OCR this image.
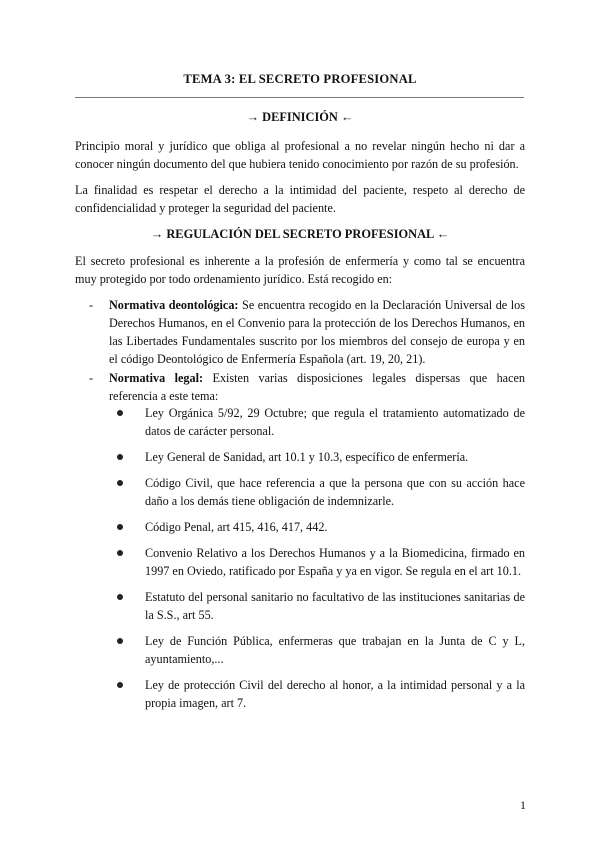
TEMA 3: EL SECRETO PROFESIONAL
→ DEFINICIÓN ←
Principio moral y jurídico que obliga al profesional a no revelar ningún hecho ni dar a conocer ningún documento del que hubiera tenido conocimiento por razón de su profesión.
La finalidad es respetar el derecho a la intimidad del paciente, respeto al derecho de confidencialidad y proteger la seguridad del paciente.
→ REGULACIÓN DEL SECRETO PROFESIONAL ←
El secreto profesional es inherente a la profesión de enfermería y como tal se encuentra muy protegido por todo ordenamiento jurídico. Está recogido en:
- Normativa deontológica: Se encuentra recogido en la Declaración Universal de los Derechos Humanos, en el Convenio para la protección de los Derechos Humanos, en las Libertades Fundamentales suscrito por los miembros del consejo de europa y en el código Deontológico de Enfermería Española (art. 19, 20, 21).
- Normativa legal: Existen varias disposiciones legales dispersas que hacen referencia a este tema:
Ley Orgánica 5/92, 29 Octubre; que regula el tratamiento automatizado de datos de carácter personal.
Ley General de Sanidad, art 10.1 y 10.3, específico de enfermería.
Código Civil, que hace referencia a que la persona que con su acción hace daño a los demás tiene obligación de indemnizarle.
Código Penal, art 415, 416, 417, 442.
Convenio Relativo a los Derechos Humanos y a la Biomedicina, firmado en 1997 en Oviedo, ratificado por España y ya en vigor. Se regula en el art 10.1.
Estatuto del personal sanitario no facultativo de las instituciones sanitarias de la S.S., art 55.
Ley de Función Pública, enfermeras que trabajan en la Junta de C y L, ayuntamiento,...
Ley de protección Civil del derecho al honor, a la intimidad personal y a la propia imagen, art 7.
1
